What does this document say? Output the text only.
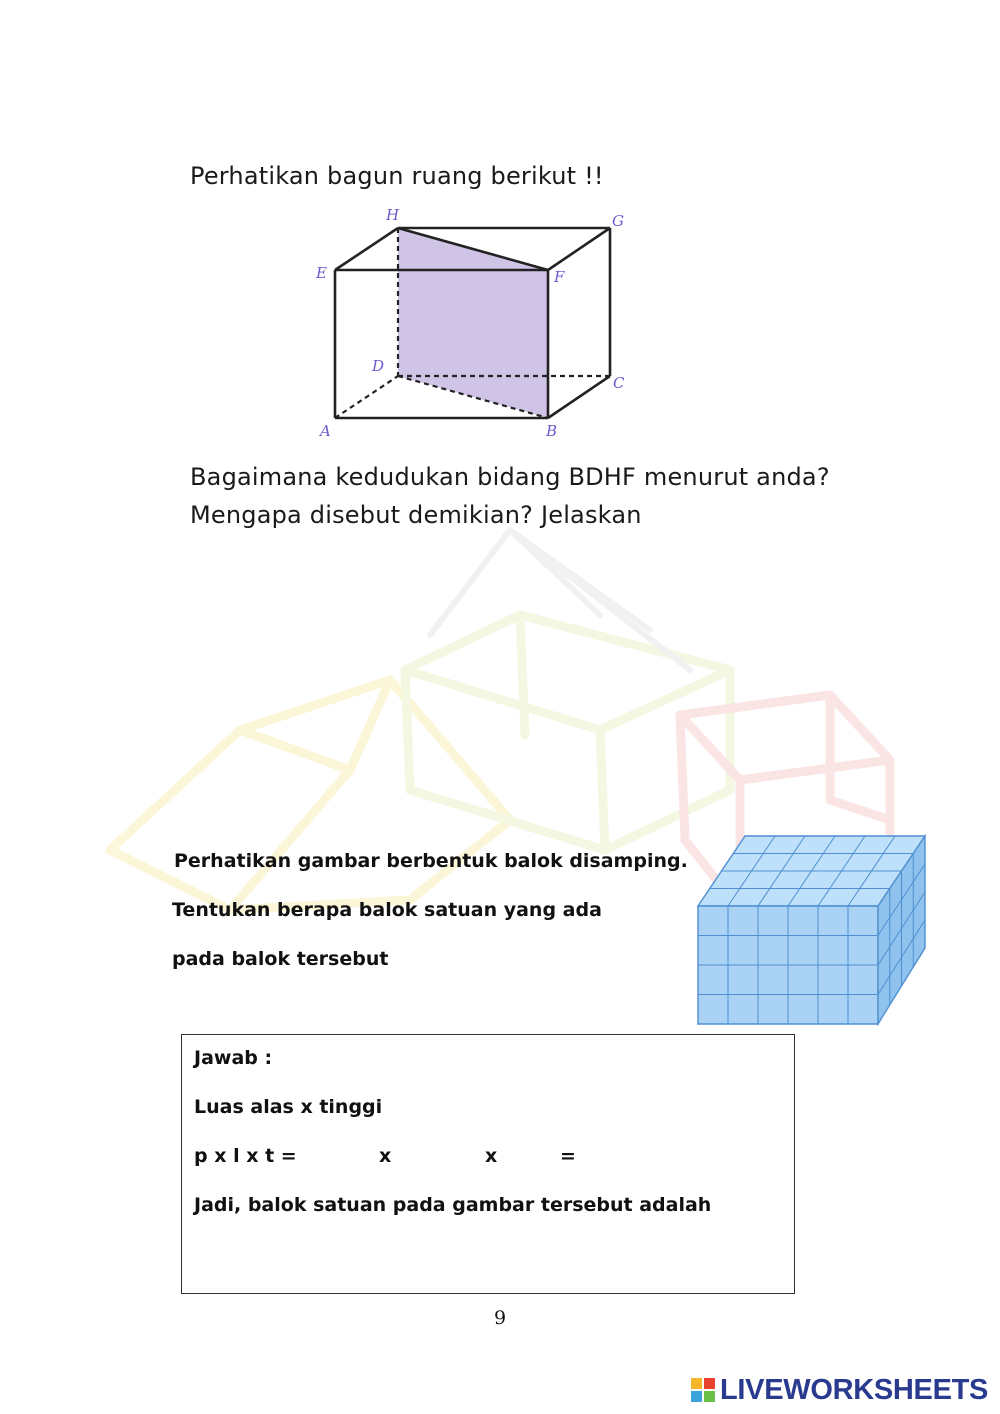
Perhatikan bagun ruang berikut !!
H	G
E	F
D
C
A	B
Bagaimana kedudukan bidang BDHF menurut anda?
Mengapa disebut demikian? Jelaskan
Perhatikan gambar berbentuk balok disamping.
Tentukan berapa balok satuan yang ada
pada balok tersebut
Jawab :
Luas alas x tinggi
p x l x t =	x	x	=
Jadi, balok satuan pada gambar tersebut adalah
9
LIVEWORKSHEETS
